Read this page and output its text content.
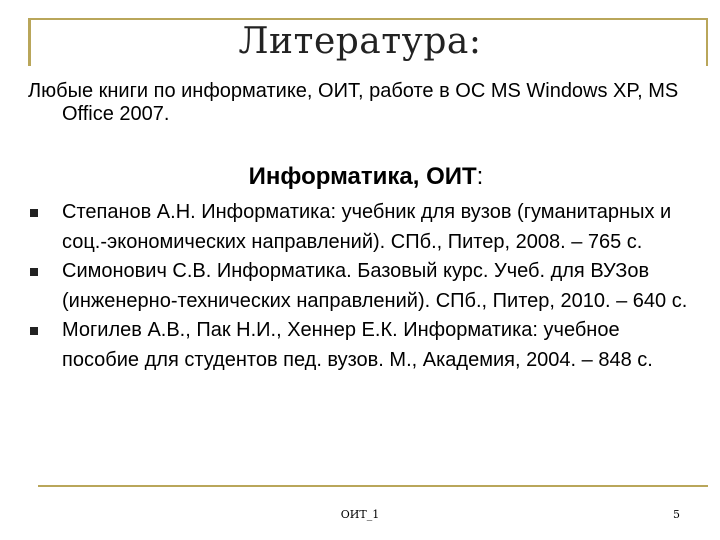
Литература:
Любые книги по информатике, ОИТ, работе в ОС MS Windows XP, MS Office 2007.
Информатика, ОИТ:
Степанов А.Н. Информатика: учебник для вузов (гуманитарных и соц.-экономических направлений). СПб., Питер, 2008. – 765 с.
Симонович С.В. Информатика. Базовый курс. Учеб. для ВУЗов (инженерно-технических направлений). СПб., Питер, 2010. – 640 с.
Могилев А.В., Пак Н.И., Хеннер Е.К. Информатика: учебное пособие для студентов пед. вузов. М., Академия, 2004. – 848 с.
ОИТ_1	5
